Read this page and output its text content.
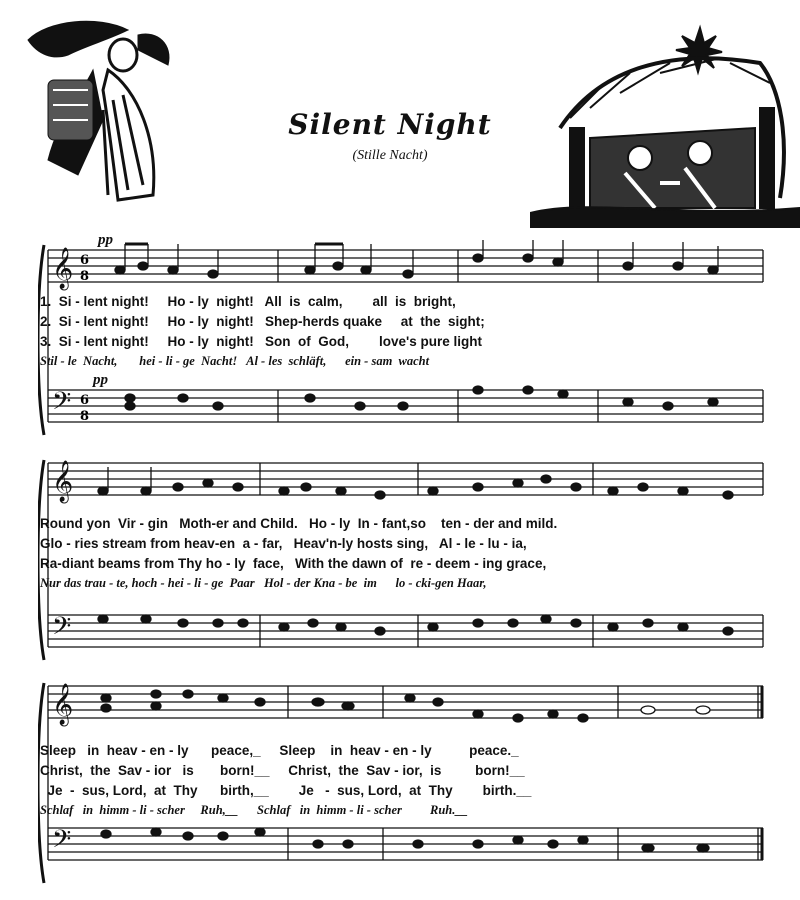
Silent Night
(Stille Nacht)
𝄞
𝄢
6
8
6
8
pp
pp
1.  Si - lent night!     Ho - ly  night!   All  is  calm,        all  is  bright,
2.  Si - lent night!     Ho - ly  night!   Shep-herds quake     at  the  sight;
3.  Si - lent night!     Ho - ly  night!   Son  of  God,        love's pure light
Stil - le  Nacht,       hei - li - ge  Nacht!   Al - les  schläft,      ein - sam  wacht
𝄞
𝄢
Round yon  Vir - gin   Moth-er and Child.   Ho - ly  In - fant,so    ten - der and mild.
Glo - ries stream from heav-en  a - far,   Heav'n-ly hosts sing,   Al - le - lu - ia,
Ra-diant beams from Thy ho - ly  face,   With the dawn of  re - deem - ing grace,
Nur das trau - te, hoch - hei - li - ge  Paar   Hol - der Kna - be  im      lo - cki-gen Haar,
𝄞
𝄢
Sleep   in  heav - en - ly      peace,_     Sleep    in  heav - en - ly          peace._
Christ,  the  Sav - ior   is       born!__     Christ,  the  Sav - ior,  is         born!__
Je  -  sus, Lord,  at  Thy      birth,__        Je   -  sus, Lord,  at  Thy        birth.__
Schlaf   in  himm - li - scher     Ruh,__      Schlaf   in  himm - li - scher         Ruh.__
